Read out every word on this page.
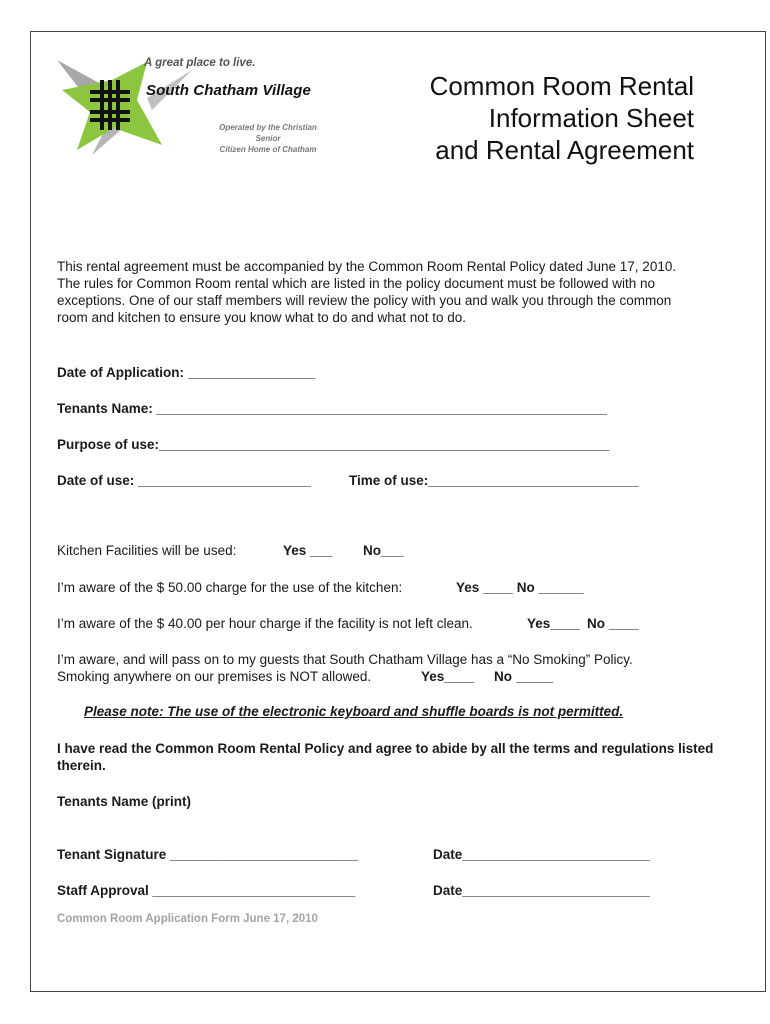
A great place to live.
South Chatham Village
Operated by the Christian Senior
Citizen Home of Chatham
Common Room Rental
Information Sheet
and Rental Agreement
This rental agreement must be accompanied by the Common Room Rental Policy dated June 17, 2010. The rules for Common Room rental which are listed in the policy document must be followed with no exceptions. One of our staff members will review the policy with you and walk you through the common room and kitchen to ensure you know what to do and what not to do.
Date of Application: _________________
Tenants Name: ____________________________________________________________
Purpose of use:____________________________________________________________
Date of use: _______________________	Time of use:____________________________
Kitchen Facilities will be used:	Yes ___ No___
I’m aware of the $ 50.00 charge for the use of the kitchen:	Yes ____ No ______
I’m aware of the $ 40.00 per hour charge if the facility is not left clean.	Yes____ No ____
I’m aware, and will pass on to my guests that South Chatham Village has a “No Smoking” Policy.
Smoking anywhere on our premises is NOT allowed.	Yes____ No _____
Please note: The use of the electronic keyboard and shuffle boards is not permitted.
I have read the Common Room Rental Policy and agree to abide by all the terms and regulations listed therein.
Tenants Name (print)
Tenant Signature _________________________	Date_________________________
Staff Approval ___________________________	Date_________________________
Common Room Application Form June 17, 2010
